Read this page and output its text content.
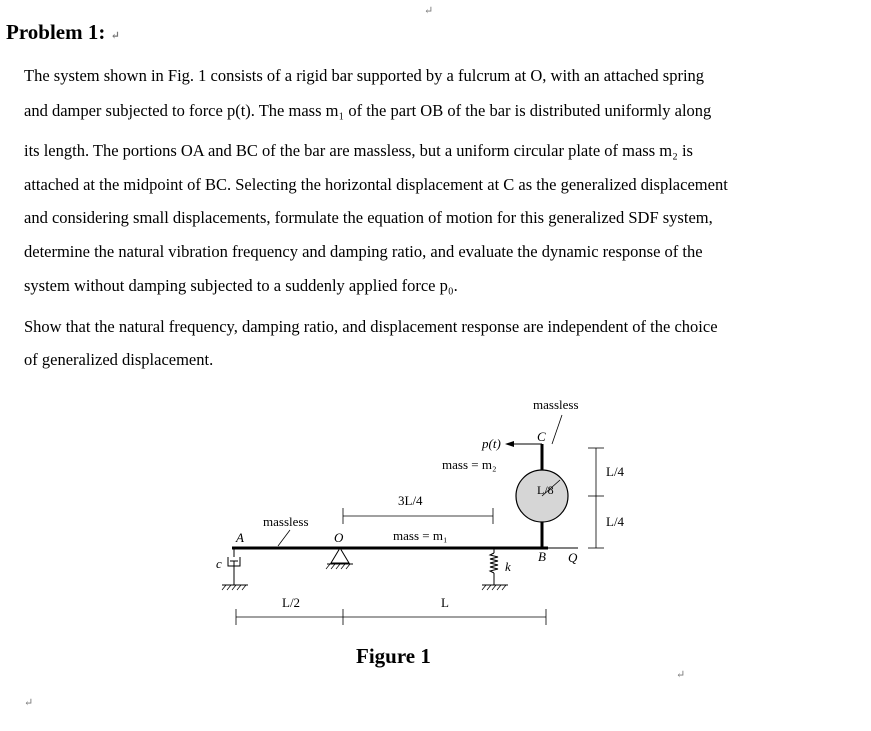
Problem 1: ↵
↵
The system shown in Fig. 1 consists of a rigid bar supported by a fulcrum at O, with an attached spring
and damper subjected to force p(t). The mass m₁ of the part OB of the bar is distributed uniformly along
its length. The portions OA and BC of the bar are massless, but a uniform circular plate of mass m₂ is
attached at the midpoint of BC. Selecting the horizontal displacement at C as the generalized displacement
and considering small displacements, formulate the equation of motion for this generalized SDF system,
determine the natural vibration frequency and damping ratio, and evaluate the dynamic response of the
system without damping subjected to a suddenly applied force p₀.
Show that the natural frequency, damping ratio, and displacement response are independent of the choice
of generalized displacement.
massless
C
p(t)
mass = m₂	L/4
L/4
L/8
3L/4
massless
A	O	mass = m₁
c	k
B Q
L/2	L
Figure 1
↵
↵
